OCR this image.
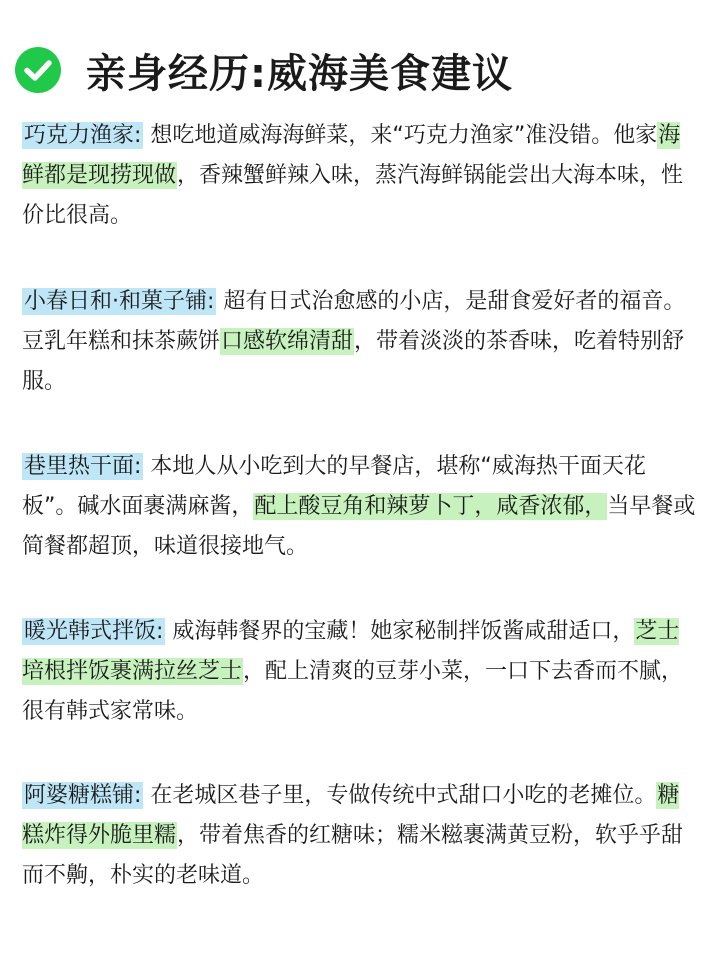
亲身经历:威海美食建议
巧克力渔家: 想吃地道威海海鲜菜，来“巧克力渔家”准没错。他家海鲜都是现捞现做，香辣蟹鲜辣入味，蒸汽海鲜锅能尝出大海本味，性价比很高。
小春日和·和菓子铺: 超有日式治愈感的小店，是甜食爱好者的福音。豆乳年糕和抹茶蕨饼口感软绵清甜，带着淡淡的茶香味，吃着特别舒服。
巷里热干面: 本地人从小吃到大的早餐店，堪称“威海热干面天花板”。碱水面裹满麻酱，配上酸豆角和辣萝卜丁，咸香浓郁，当早餐或简餐都超顶，味道很接地气。
暖光韩式拌饭: 威海韩餐界的宝藏！她家秘制拌饭酱咸甜适口，芝士培根拌饭裹满拉丝芝士，配上清爽的豆芽小菜，一口下去香而不腻，很有韩式家常味。
阿婆糖糕铺: 在老城区巷子里，专做传统中式甜口小吃的老摊位。糖糕炸得外脆里糯，带着焦香的红糖味；糯米糍裹满黄豆粉，软乎乎甜而不齁，朴实的老味道。
